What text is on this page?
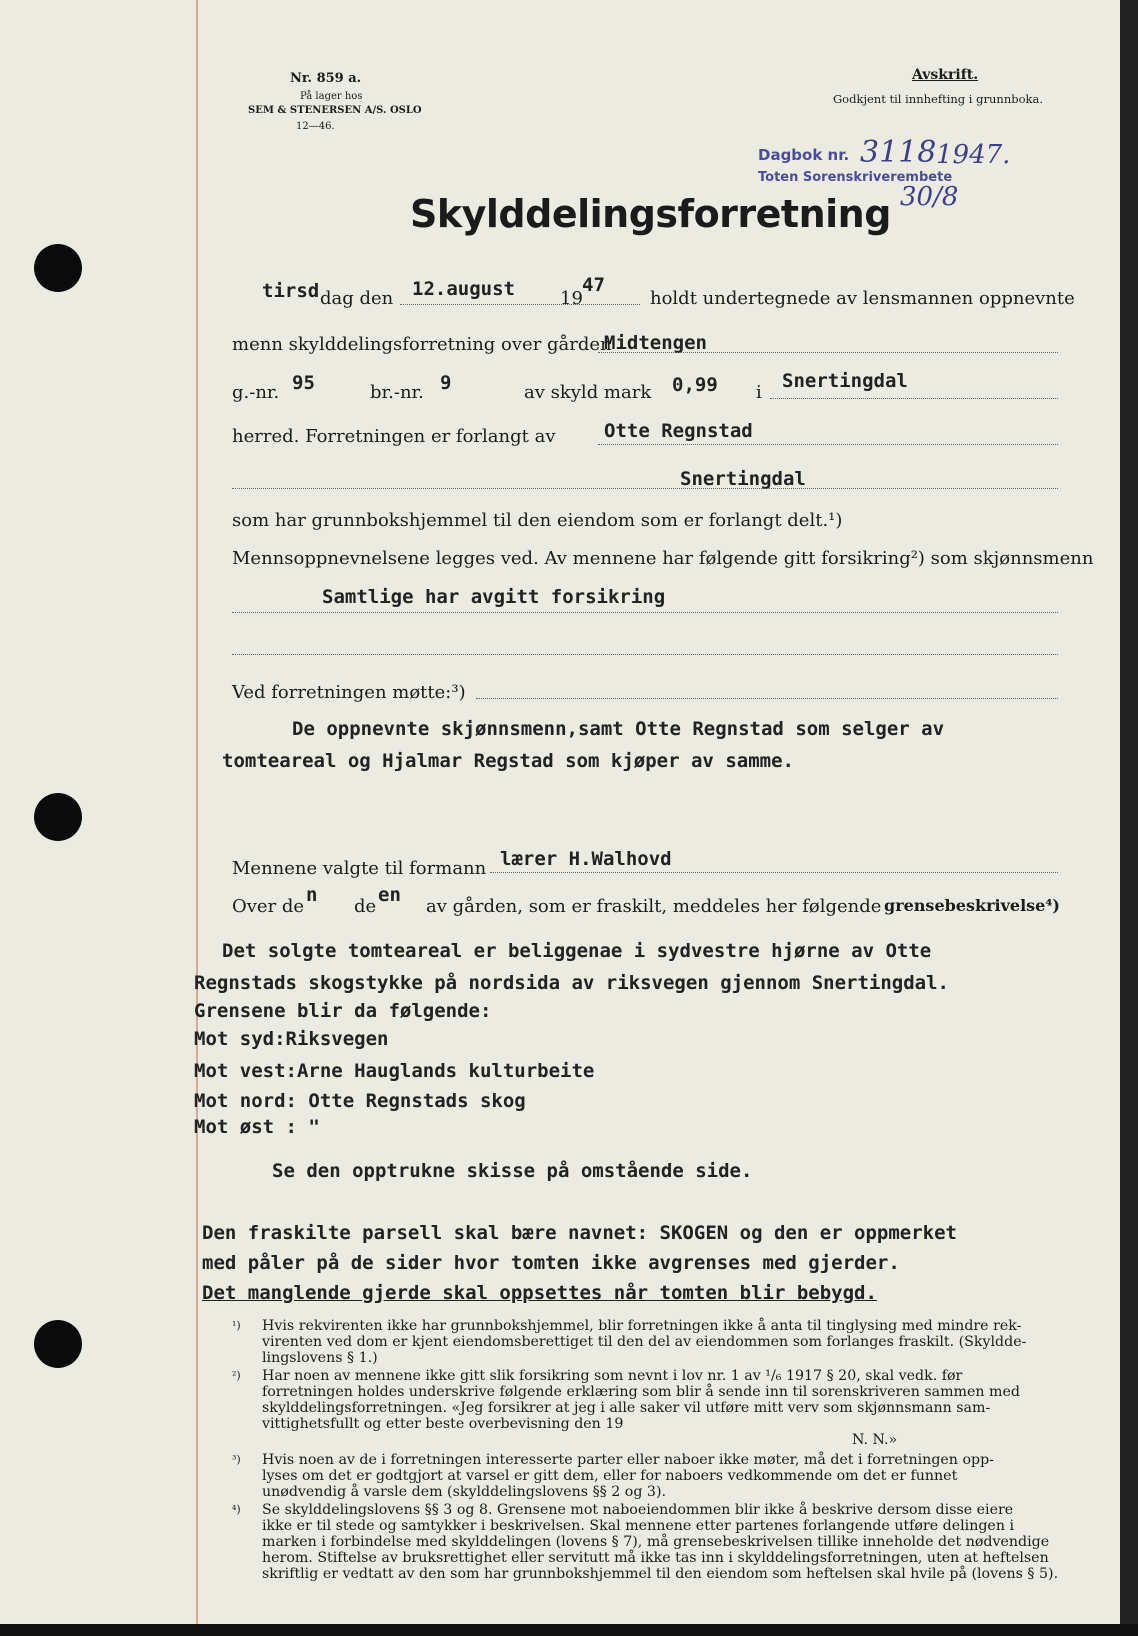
Nr. 859 a.
På lager hos
SEM & STENERSEN A/S. OSLO
12—46.
Avskrift.
Godkjent til innhefting i grunnboka.
Dagbok nr. 3118 1947.
Toten Sorenskriverembete
30/8
Skylddelingsforretning
tirsd dag den 12.august	19
47
holdt undertegnede av lensmannen oppnevnte
menn skylddelingsforretning over gården
Midtengen
g.-nr. 95	br.-nr. 9	av skyld mark 0,99 i
Snertingdal
herred. Forretningen er forlangt av	Otte Regnstad
Snertingdal
som har grunnbokshjemmel til den eiendom som er forlangt delt.¹)
Mennsoppnevnelsene legges ved. Av mennene har følgende gitt forsikring²) som skjønnsmenn
Samtlige har avgitt forsikring
Ved forretningen møtte:³)
De oppnevnte skjønnsmenn,samt Otte Regnstad som selger av
tomteareal og Hjalmar Regstad som kjøper av samme.
Mennene valgte til formann lærer H.Walhovd
Over de
n
de
en
av gården, som er fraskilt, meddeles her følgende grensebeskrivelse⁴)
Det solgte tomteareal er beliggenae i sydvestre hjørne av Otte
Regnstads skogstykke på nordsida av riksvegen gjennom Snertingdal.
Grensene blir da følgende:
Mot syd:Riksvegen
Mot vest:Arne Hauglands kulturbeite
Mot nord: Otte Regnstads skog
Mot øst : "
Se den opptrukne skisse på omstående side.
Den fraskilte parsell skal bære navnet: SKOGEN og den er oppmerket
med påler på de sider hvor tomten ikke avgrenses med gjerder.
Det manglende gjerde skal oppsettes når tomten blir bebygd.
¹) Hvis rekvirenten ikke har grunnbokshjemmel, blir forretningen ikke å anta til tinglysing med mindre rek-
virenten ved dom er kjent eiendomsberettiget til den del av eiendommen som forlanges fraskilt. (Skyldde-
lingslovens § 1.)
²) Har noen av mennene ikke gitt slik forsikring som nevnt i lov nr. 1 av ¹/₆ 1917 § 20, skal vedk. før
forretningen holdes underskrive følgende erklæring som blir å sende inn til sorenskriveren sammen med
skylddelingsforretningen. «Jeg forsikrer at jeg i alle saker vil utføre mitt verv som skjønnsmann sam-
vittighetsfullt og etter beste overbevisning den 19
N. N.»
³) Hvis noen av de i forretningen interesserte parter eller naboer ikke møter, må det i forretningen opp-
lyses om det er godtgjort at varsel er gitt dem, eller for naboers vedkommende om det er funnet
unødvendig å varsle dem (skylddelingslovens §§ 2 og 3).
⁴) Se skylddelingslovens §§ 3 og 8. Grensene mot naboeiendommen blir ikke å beskrive dersom disse eiere
ikke er til stede og samtykker i beskrivelsen. Skal mennene etter partenes forlangende utføre delingen i
marken i forbindelse med skylddelingen (lovens § 7), må grensebeskrivelsen tillike inneholde det nødvendige
herom. Stiftelse av bruksrettighet eller servitutt må ikke tas inn i skylddelingsforretningen, uten at heftelsen
skriftlig er vedtatt av den som har grunnbokshjemmel til den eiendom som heftelsen skal hvile på (lovens § 5).
